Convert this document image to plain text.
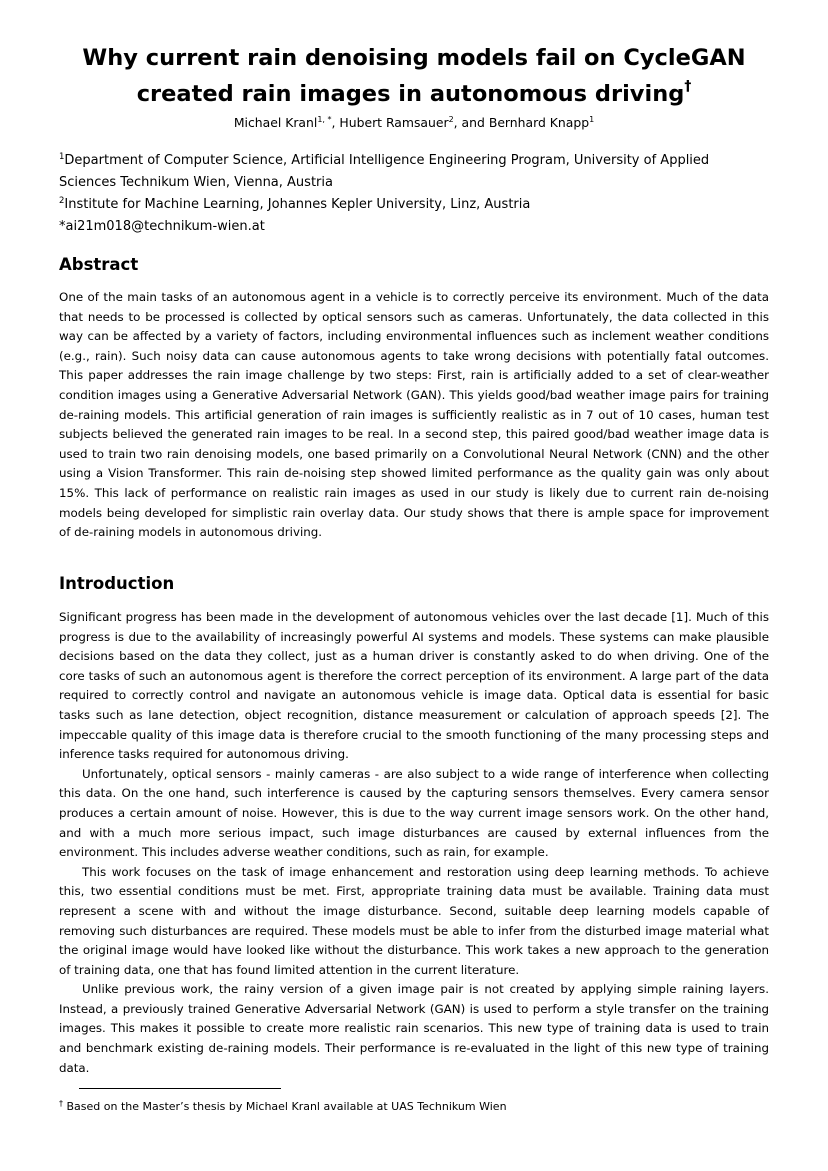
Why current rain denoising models fail on CycleGAN
created rain images in autonomous driving†
Michael Kranl$^{1, *}$, Hubert Ramsauer$^2$, and Bernhard Knapp$^1$

$^1$Department of Computer Science, Artificial Intelligence Engineering Program, University of Applied Sciences Technikum Wien, Vienna, Austria

$^2$Institute for Machine Learning, Johannes Kepler University, Linz, Austria

*ai21m018@technikum-wien.at

Abstract

One of the main tasks of an autonomous agent in a vehicle is to correctly perceive its environment. Much of the data that needs to be processed is collected by optical sensors such as cameras. Unfortunately, the data collected in this way can be affected by a variety of factors, including environmental influences such as inclement weather conditions (e.g., rain). Such noisy data can cause autonomous agents to take wrong decisions with potentially fatal outcomes. This paper addresses the rain image challenge by two steps: First, rain is artificially added to a set of clear-weather condition images using a Generative Adversarial Network (GAN). This yields good/bad weather image pairs for training de-raining models. This artificial generation of rain images is sufficiently realistic as in 7 out of 10 cases, human test subjects believed the generated rain images to be real. In a second step, this paired good/bad weather image data is used to train two rain denoising models, one based primarily on a Convolutional Neural Network (CNN) and the other using a Vision Transformer. This rain de-noising step showed limited performance as the quality gain was only about 15%. This lack of performance on realistic rain images as used in our study is likely due to current rain de-noising models being developed for simplistic rain overlay data. Our study shows that there is ample space for improvement of de-raining models in autonomous driving.

Introduction

Significant progress has been made in the development of autonomous vehicles over the last decade [1]. Much of this progress is due to the availability of increasingly powerful AI systems and models. These systems can make plausible decisions based on the data they collect, just as a human driver is constantly asked to do when driving. One of the core tasks of such an autonomous agent is therefore the correct perception of its environment. A large part of the data required to correctly control and navigate an autonomous vehicle is image data. Optical data is essential for basic tasks such as lane detection, object recognition, distance measurement or calculation of approach speeds [2]. The impeccable quality of this image data is therefore crucial to the smooth functioning of the many processing steps and inference tasks required for autonomous driving.

Unfortunately, optical sensors - mainly cameras - are also subject to a wide range of interference when collecting this data. On the one hand, such interference is caused by the capturing sensors themselves. Every camera sensor produces a certain amount of noise. However, this is due to the way current image sensors work. On the other hand, and with a much more serious impact, such image disturbances are caused by external influences from the environment. This includes adverse weather conditions, such as rain, for example.

This work focuses on the task of image enhancement and restoration using deep learning methods. To achieve this, two essential conditions must be met. First, appropriate training data must be available. Training data must represent a scene with and without the image disturbance. Second, suitable deep learning models capable of removing such disturbances are required. These models must be able to infer from the disturbed image material what the original image would have looked like without the disturbance. This work takes a new approach to the generation of training data, one that has found limited attention in the current literature.

Unlike previous work, the rainy version of a given image pair is not created by applying simple raining layers. Instead, a previously trained Generative Adversarial Network (GAN) is used to perform a style transfer on the training images. This makes it possible to create more realistic rain scenarios. This new type of training data is used to train and benchmark existing de-raining models. Their performance is re-evaluated in the light of this new type of training data.

† Based on the Master’s thesis by Michael Kranl available at UAS Technikum Wien
